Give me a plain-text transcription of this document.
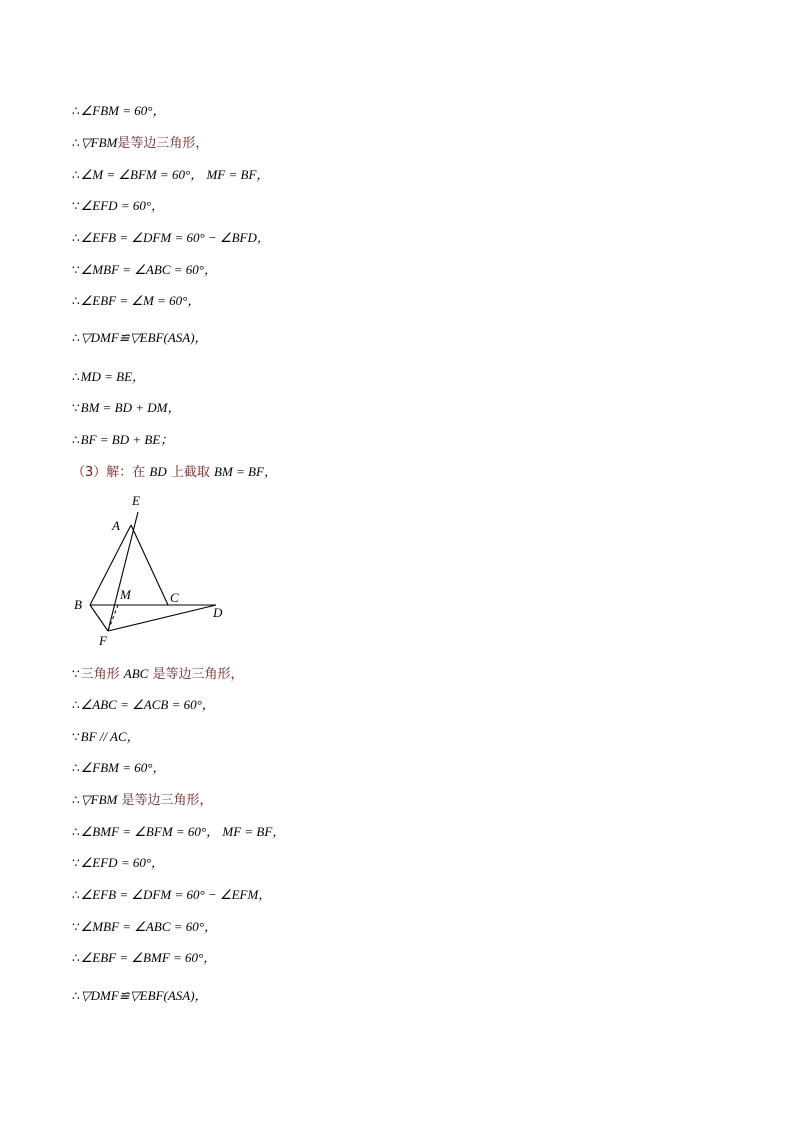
∴∠FBM = 60°，
∴▽FBM是等边三角形，
∴∠M = ∠BFM = 60°， MF = BF，
∵∠EFD = 60°，
∴∠EFB = ∠DFM = 60° − ∠BFD，
∵∠MBF = ∠ABC = 60°，
∴∠EBF = ∠M = 60°，
∴▽DMF≌▽EBF(ASA)，
∴MD = BE，
∵BM = BD + DM，
∴BF = BD + BE；
（3）解：在 BD 上截取 BM = BF，
∵三角形 ABC 是等边三角形，
∴∠ABC = ∠ACB = 60°，
∵BF // AC，
∴∠FBM = 60°，
∴▽FBM 是等边三角形，
∴∠BMF = ∠BFM = 60°， MF = BF，
∵∠EFD = 60°，
∴∠EFB = ∠DFM = 60° − ∠EFM，
∵∠MBF = ∠ABC = 60°，
∴∠EBF = ∠BMF = 60°，
∴▽DMF≌▽EBF(ASA)，
E
A
M	C
B
D
F
